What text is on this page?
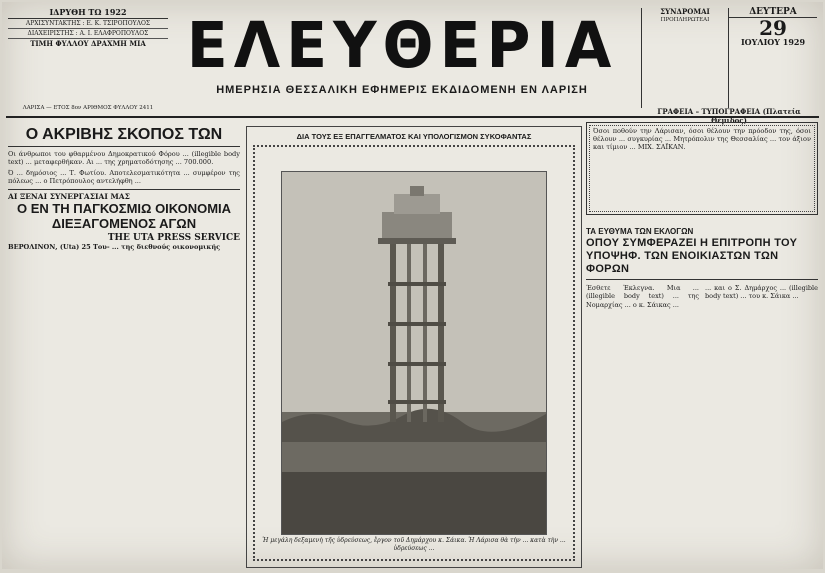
ΙΔΡΥΘΗ ΤΩ 1922
ΑΡΧΙΣΥΝΤΑΚΤΗΣ : Ε. Κ. ΤΣΙΡΟΠΟΥΛΟΣ
ΔΙΑΧΕΙΡΙΣΤΗΣ : Α. Ι. ΕΛΑΦΡΟΠΟΥΛΟΣ
ΤΙΜΗ ΦΥΛΛΟΥ ΔΡΑΧΜΗ ΜΙΑ
ΛΑΡΙΣΑ — ΕΤΟΣ 8ον ΑΡΙΘΜΟΣ ΦΥΛΛΟΥ 2411
ΕΛΕΥΘΕΡΙΑ
ΗΜΕΡΗΣΙΑ ΘΕΣΣΑΛΙΚΗ ΕΦΗΜΕΡΙΣ ΕΚΔΙΔΟΜΕΝΗ ΕΝ ΛΑΡΙΣΗ
ΣΥΝΔΡΟΜΑΙ
ΠΡΟΠΛΗΡΩΤΕΑΙ
ΔΕΥΤΕΡΑ
29
ΙΟΥΛΙΟΥ 1929
ΓΡΑΦΕΙΑ – ΤΥΠΟΓΡΑΦΕΙΑ (Πλατεία Θέμιδος)
Ο ΑΚΡΙΒΗΣ ΣΚΟΠΟΣ ΤΩΝ

Οι άνθρωποι του φθαρμένου Δημοκρατικού Φόρου ... (illegible body text) ... μεταφερθήκαν. Αι ... της χρηματοδότησης ... 700.000.

Ό ... δημόσιος ... Τ. Φωτίου. Αποτελεσματικότητα ... συμφέρον της πόλεως ... ο Πετρόπουλος αντελήφθη ...

ΑΙ ΞΕΝΑΙ ΣΥΝΕΡΓΑΣΙΑΙ ΜΑΣ
Ο ΕΝ ΤΗ ΠΑΓΚΟΣΜΙΩ ΟΙΚΟΝΟΜΙΑ
ΔΙΕΞΑΓΟΜΕΝΟΣ ΑΓΩΝ
THE UTA PRESS SERVICE
ΒΕΡΟΛΙΝΟΝ, (Uta) 25 Του- ... της διεθνούς οικονομικής
ΔΙΑ ΤΟΥΣ ΕΞ ΕΠΑΓΓΕΛΜΑΤΟΣ ΚΑΙ ΥΠΟΛΟΓΙΣΜΟΝ ΣΥΚΟΦΑΝΤΑΣ
Ἡ μεγάλη δεξαμενὴ τῆς ὑδρεύσεως, ἔργον τοῦ Δημάρχου κ. Σάικα. Ἡ Λάρισα θὰ τὴν ... κατὰ τὴν ... ὑδρεύσεως ...
Όσοι ποθούν την Λάρισαν, όσοι θέλουν την πρόοδον της, όσοι θέλουν ... συγκυρίας ... Μητρόπολιν της Θεσσαλίας ... τον άξιον και τίμιον ... ΜΙΧ. ΣΑΪΚΑΝ.
ΤΑ ΕΥΘΥΜΑ ΤΩΝ ΕΚΛΟΓΩΝ
ΟΠΟΥ ΣΥΜΦΕΡΑΖΕΙ Η ΕΠΙΤΡΟΠΗ ΤΟΥ ΥΠΟΨΗΦ. ΤΩΝ ΕΝΟΙΚΙΑΣΤΩΝ ΤΩΝ ΦΟΡΩΝ
Έσθετε Έκλεγνα. Μια ... (illegible body text) ... της Νομαρχίας ... ο κ. Σάικας ...
... και ο Σ. Δημάρχος ... (illegible body text) ... του κ. Σάικα ...
